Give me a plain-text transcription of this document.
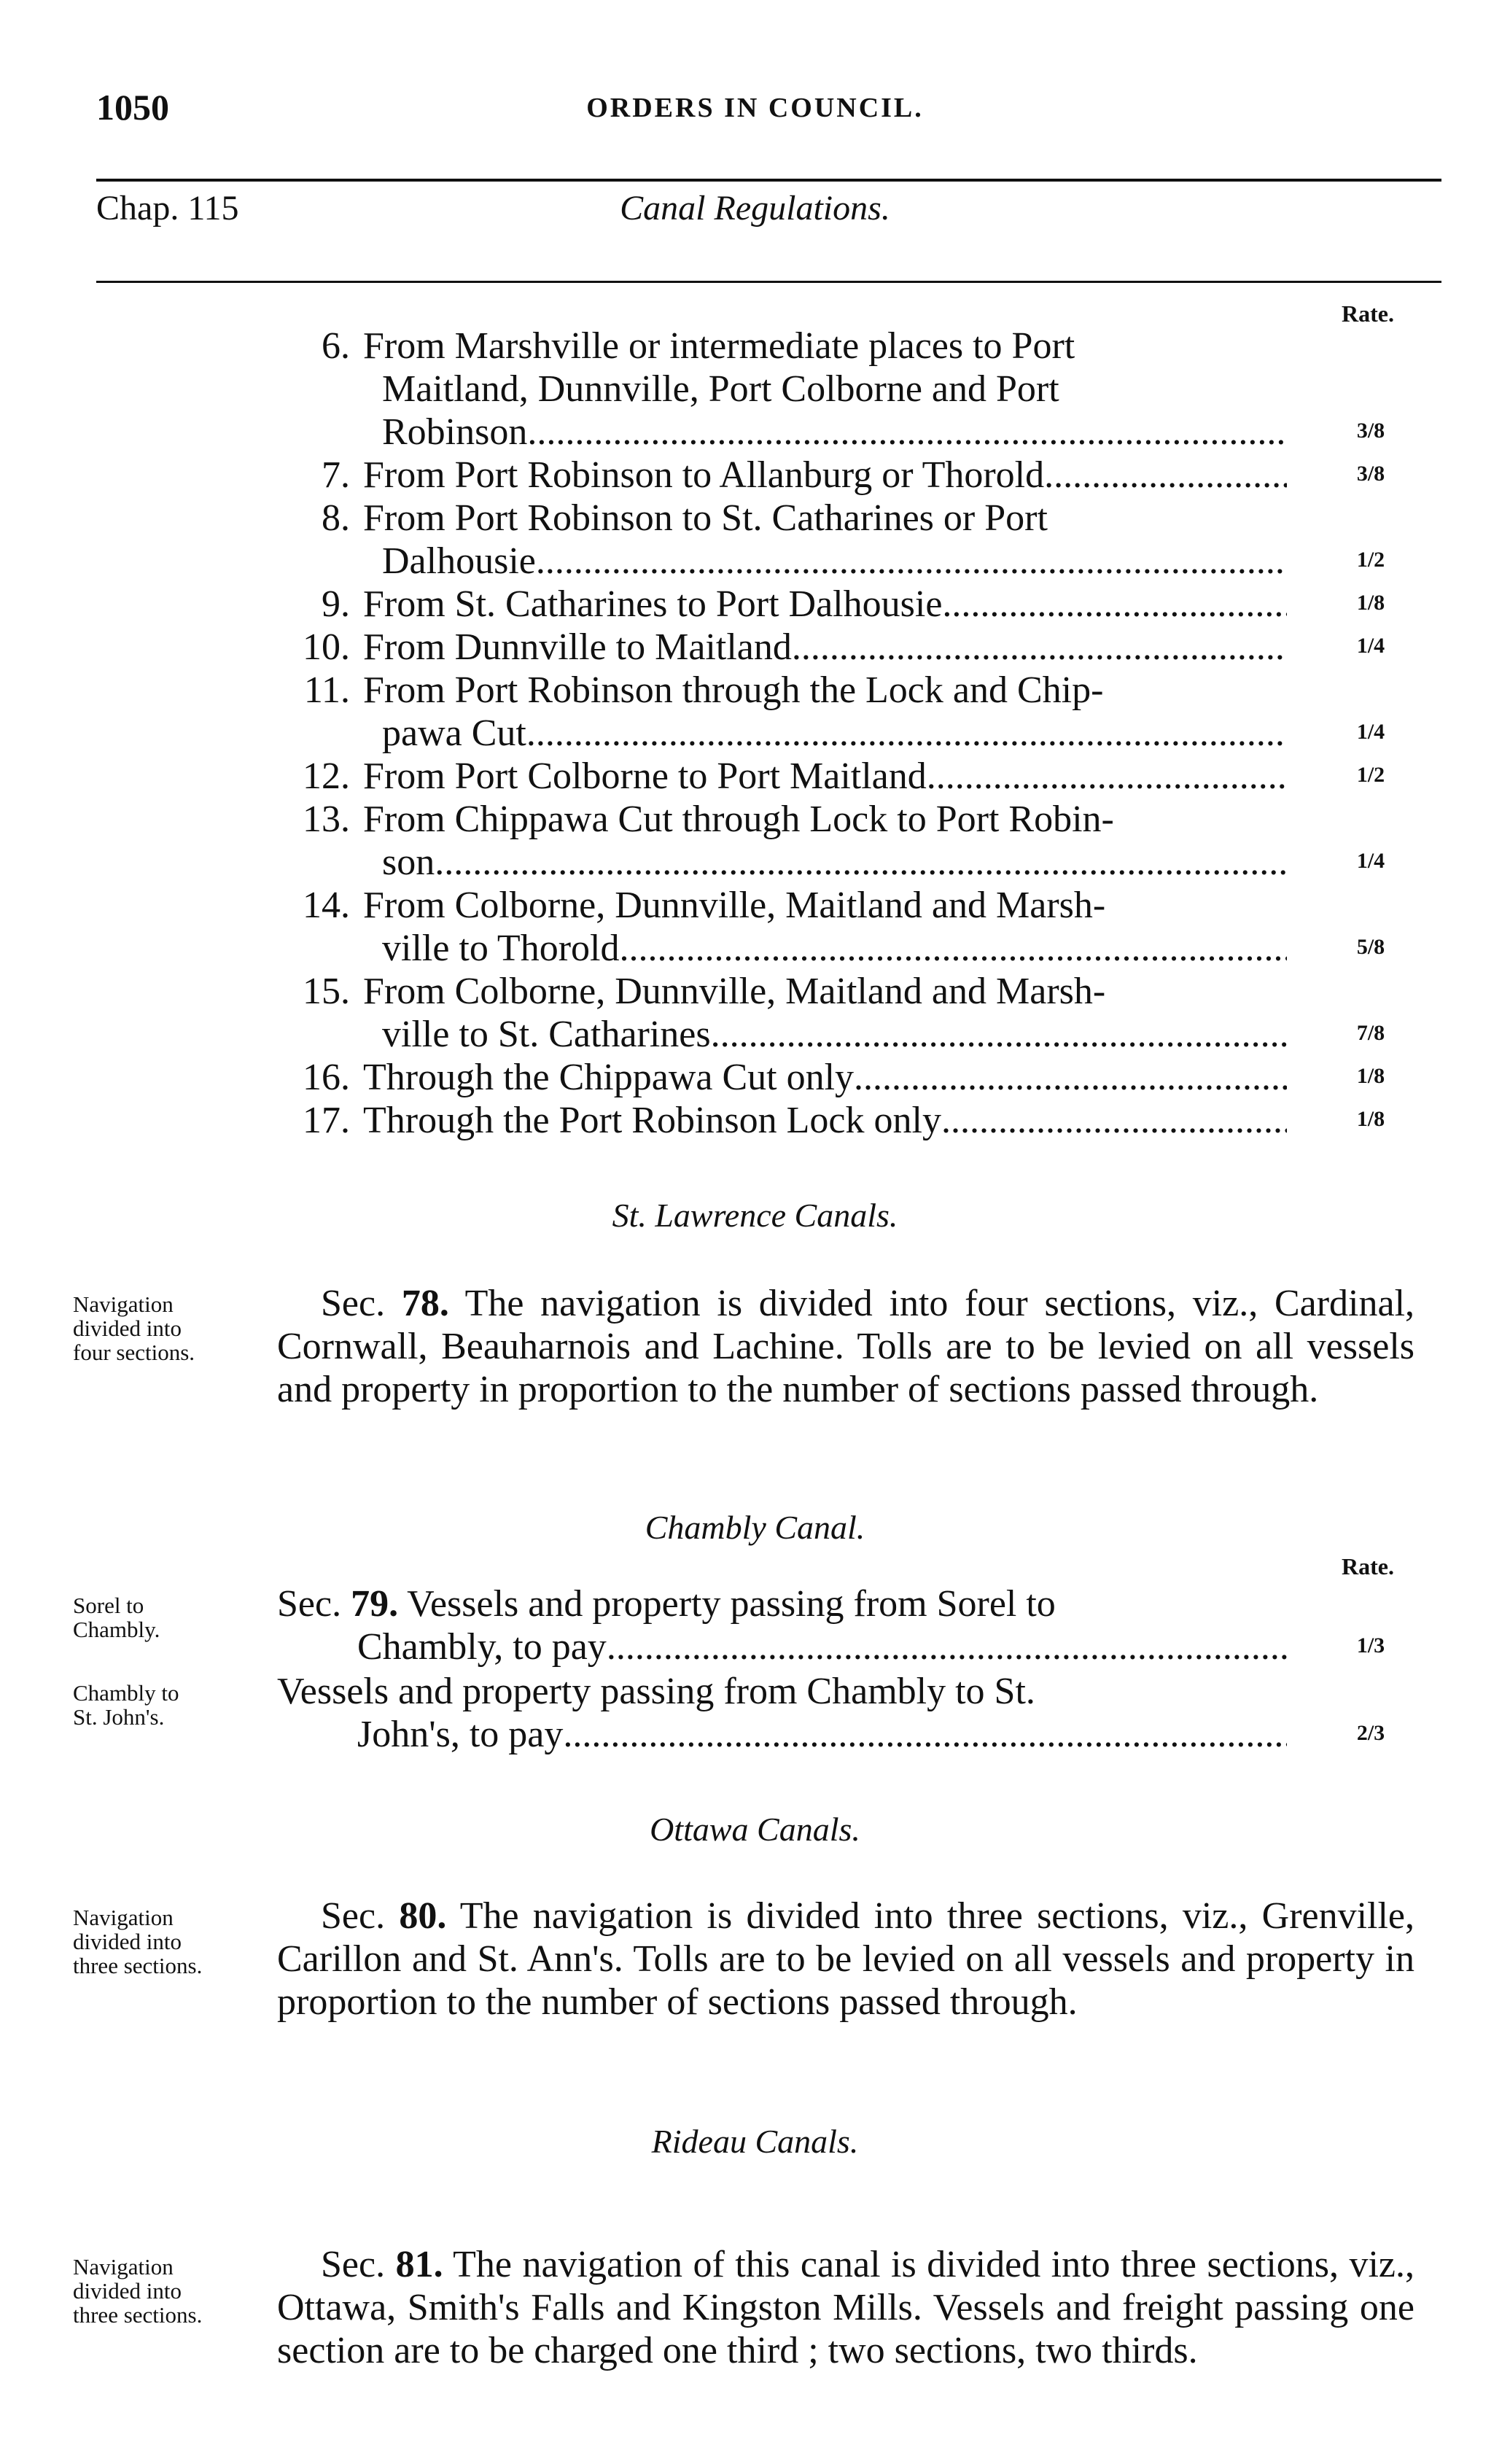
1050	ORDERS IN COUNCIL.
Chap. 115	Canal Regulations.
Rate.
6. From Marshville or intermediate places to Port
Maitland, Dunnville, Port Colborne and Port
Robinson .....	3/8
7. From Port Robinson to Allanburg or Thorold .....	3/8
8. From Port Robinson to St. Catharines or Port
Dalhousie .....	1/2
9. From St. Catharines to Port Dalhousie .....	1/8
10. From Dunnville to Maitland .....	1/4
11. From Port Robinson through the Lock and Chip-
pawa Cut .....	1/4
12. From Port Colborne to Port Maitland .....	1/2
13. From Chippawa Cut through Lock to Port Robin-
son .....	1/4
14. From Colborne, Dunnville, Maitland and Marsh-
ville to Thorold .....	5/8
15. From Colborne, Dunnville, Maitland and Marsh-
ville to St. Catharines .....	7/8
16. Through the Chippawa Cut only .....	1/8
17. Through the Port Robinson Lock only .....	1/8
St. Lawrence Canals.
Navigation
divided into
four sections.
Sec. 78. The navigation is divided into four sections, viz., Cardinal, Cornwall, Beauharnois and Lachine. Tolls are to be levied on all vessels and property in proportion to the number of sections passed through.
Chambly Canal.
Rate.
Sorel to
Chambly.
Sec. 79. Vessels and property passing from Sorel to
Chambly, to pay .....	1/3
Chambly to
St. John's.
Vessels and property passing from Chambly to St.
John's, to pay .....	2/3
Ottawa Canals.
Navigation
divided into
three sections.
Sec. 80. The navigation is divided into three sections, viz., Grenville, Carillon and St. Ann's. Tolls are to be levied on all vessels and property in proportion to the number of sections passed through.
Rideau Canals.
Navigation
divided into
three sections.
Sec. 81. The navigation of this canal is divided into three sections, viz., Ottawa, Smith's Falls and Kingston Mills. Vessels and freight passing one section are to be charged one third ; two sections, two thirds.
